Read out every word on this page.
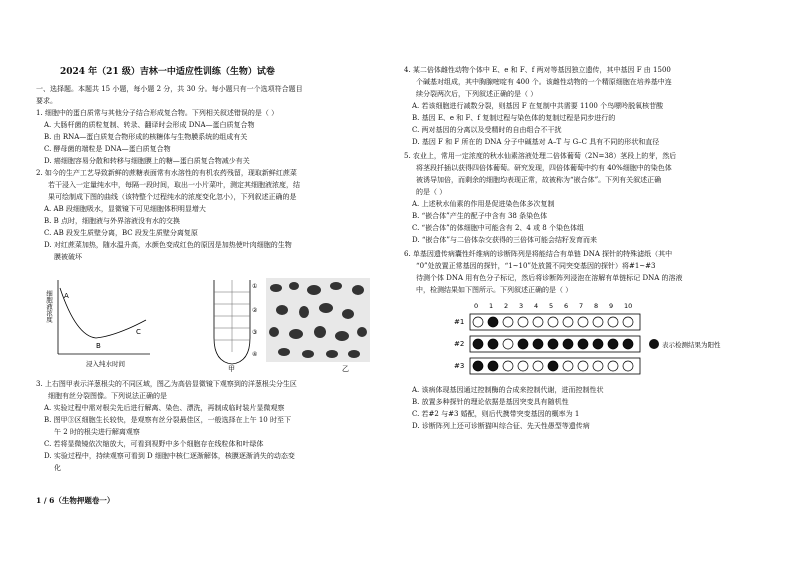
2024 年（21 级）吉林一中适应性训练（生物）试卷
一、选择题。本题共 15 小题，每小题 2 分，共 30 分。每小题只有一个选项符合题目
要求。
1. 细胞中的蛋白质常与其他分子结合形成复合物。下列相关叙述错误的是（ ）
A. 大肠杆菌的质粒复制、转录、翻译时会形成 DNA—蛋白质复合物
B. 由 RNA—蛋白质复合物形成的核糖体与生物膜系统的组成有关
C. 酵母菌的端粒是 DNA—蛋白质复合物
D. 癌细胞容易分散和转移与细胞膜上的糖—蛋白质复合物减少有关
2. 如今的生产工艺导致新鲜的蔗糖表面常有水溶性的有机农药残留，现取新鲜红蔗菜
若干浸入一定量纯水中，每隔一段时间，取出一小片菜叶，测定其细胞液浓度，结
果可绘制成下图的曲线（该特整个过程纯水的浓度变化忽小），下列叙述正确的是
A. AB 段细胞吸水，显微镜下可见细胞体积明显增大
B. B 点时，细胞液与外界溶液没有水的交换
C. AB 段发生质壁分离，BC 段发生质壁分离复原
D. 对红蔗菜加热，随水温升高，水颜色变成红色的原因是加热使叶肉细胞的生物
膜被破坏
细胞液浓度 A
B
C
浸入纯水时间
①
②
③
④
甲	乙
3. 上右图甲表示洋葱根尖的不同区域，图乙为高倍显微镜下观察到的洋葱根尖分生区
细胞有丝分裂图像。下列说法正确的是
A. 实验过程中需对根尖先后进行解离、染色、漂洗，再制成临时装片显微观察
B. 图甲③区细胞生长较快，是观察有丝分裂最佳区，一般选择在上午 10 时至下
午 2 时的根尖进行解离观察
C. 若将显微镜依次缩放大，可看到视野中多个细胞存在线粒体和叶绿体
D. 实验过程中，持续观察可看到 D 细胞中核仁逐渐解体，核膜逐渐消失的动态变
化
1 / 6（生物押题卷一）
4. 某二倍体雌性动物个体中 E、e 和 F、f 两对等基因独立遗传，其中基因 F 由 1500
个碱基对组成，其中胸腺嘧啶有 400 个。该雌性动物的一个精原细胞在培养基中连
续分裂两次后，下列叙述正确的是（ ）
A. 若该细胞进行减数分裂，则基因 F 在复制中共需要 1100 个鸟嘌呤脱氧核苷酸
B. 基因 E、e 和 F、f 复制过程与染色体的复制过程是同步进行的
C. 两对基因的分离以及受精时的自由组合不干扰
D. 基因 F 和 F 所在的 DNA 分子中碱基对 A–T 与 G–C 具有不同的形状和直径
5. 农业上，常用一定浓度的秋水仙素溶液处理二倍体葡萄（2N=38）茎段上的芽，然后
将茎段扦插以获得四倍体葡萄。研究发现，四倍体葡萄中约有 40%细胞中的染色体
被诱导加倍，而剩余的细胞均表现正常，故被称为“嵌合体”。下列有关叙述正确
的是（ ）
A. 上述秋水仙素的作用是促进染色体多次复制
B. “嵌合体”产生的配子中含有 38 条染色体
C. “嵌合体”的体细胞中可能含有 2、4 或 8 个染色体组
D. “嵌合体”与二倍体杂交获得的三倍体可能会结籽发育而来
6. 单基因遗传病囊性纤维病的诊断阵列是将能结合有单链 DNA 探针的特殊滤纸（其中
“0”处放置正常基因的探针，“1~10”处放置不同突变基因的探针）将#1~#3
待测个体 DNA 用有色分子标记，然后将诊断阵列浸泡在溶解有单链标记 DNA 的溶液
中，检测结果如下图所示。下列叙述正确的是（ ）
0 1 2 3 4 5 6 7 8 9 10
#1
#2
#3
表示检测结果为阳性
A. 该病体现基因通过控制酶的合成来控制代谢，进而控制性状
B. 放置多种探针的理论依据是基因突变具有随机性
C. 若#2 与#3 婚配，则后代携带突变基因的概率为 1
D. 诊断阵列上还可诊断猫叫综合征、先天性愚型等遗传病
